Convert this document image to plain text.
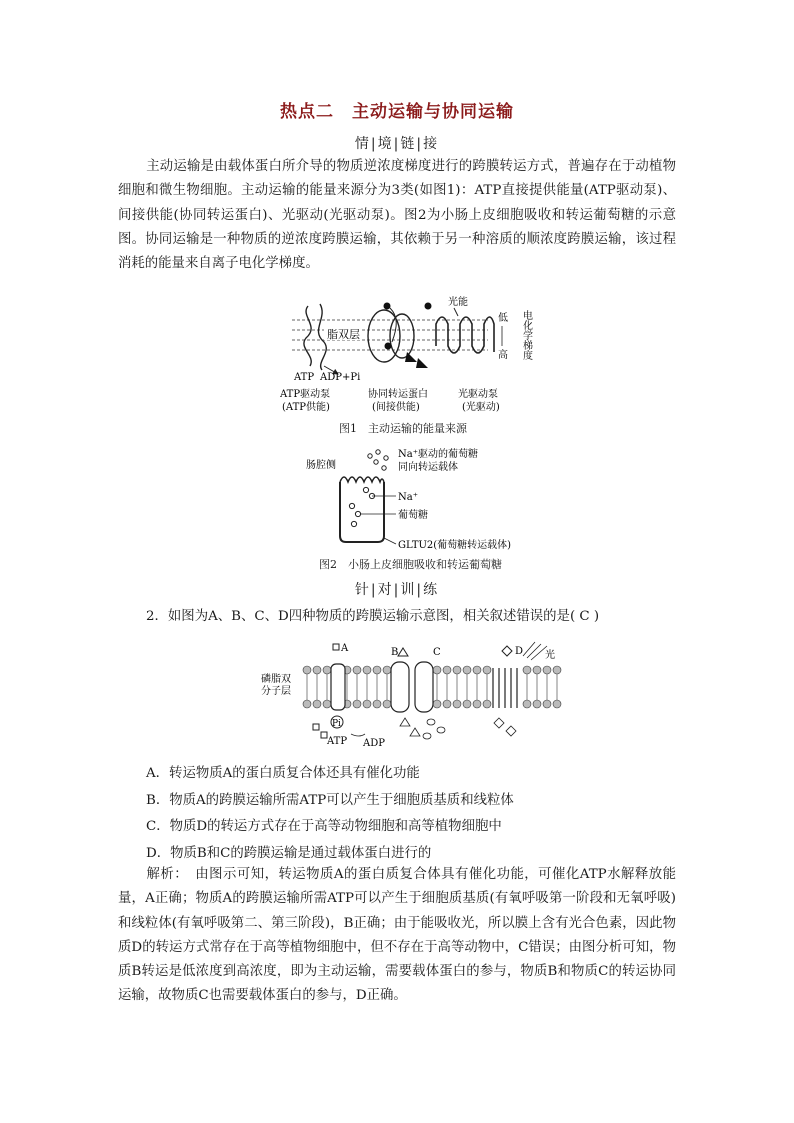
热点二　主动运输与协同运输
情|境|链|接
主动运输是由载体蛋白所介导的物质逆浓度梯度进行的跨膜转运方式，普遍存在于动植物细胞和微生物细胞。主动运输的能量来源分为3类(如图1)：ATP直接提供能量(ATP驱动泵)、间接供能(协同转运蛋白)、光驱动(光驱动泵)。图2为小肠上皮细胞吸收和转运葡萄糖的示意图。协同运输是一种物质的逆浓度跨膜运输，其依赖于另一种溶质的顺浓度跨膜运输，该过程消耗的能量来自离子电化学梯度。
脂双层
ATP ADP+Pi
光能
低
高 电化学梯度
ATP驱动泵
(ATP供能)
协同转运蛋白
(间接供能)
光驱动泵
(光驱动)
图1　主动运输的能量来源
肠腔侧
Na⁺驱动的葡萄糖
同向转运载体
Na⁺
葡萄糖
GLTU2(葡萄糖转运载体)
图2　小肠上皮细胞吸收和转运葡萄糖
针|对|训|练
2．如图为A、B、C、D四种物质的跨膜运输示意图，相关叙述错误的是( C )
磷脂双
分子层
A	B	C	D 光
Pi
ATP ADP
A．转运物质A的蛋白质复合体还具有催化功能
B．物质A的跨膜运输所需ATP可以产生于细胞质基质和线粒体
C．物质D的转运方式存在于高等动物细胞和高等植物细胞中
D．物质B和C的跨膜运输是通过载体蛋白进行的
解析：　由图示可知，转运物质A的蛋白质复合体具有催化功能，可催化ATP水解释放能量，A正确；物质A的跨膜运输所需ATP可以产生于细胞质基质(有氧呼吸第一阶段和无氧呼吸)和线粒体(有氧呼吸第二、第三阶段)，B正确；由于能吸收光，所以膜上含有光合色素，因此物质D的转运方式常存在于高等植物细胞中，但不存在于高等动物中，C错误；由图分析可知，物质B转运是低浓度到高浓度，即为主动运输，需要载体蛋白的参与，物质B和物质C的转运协同运输，故物质C也需要载体蛋白的参与，D正确。
